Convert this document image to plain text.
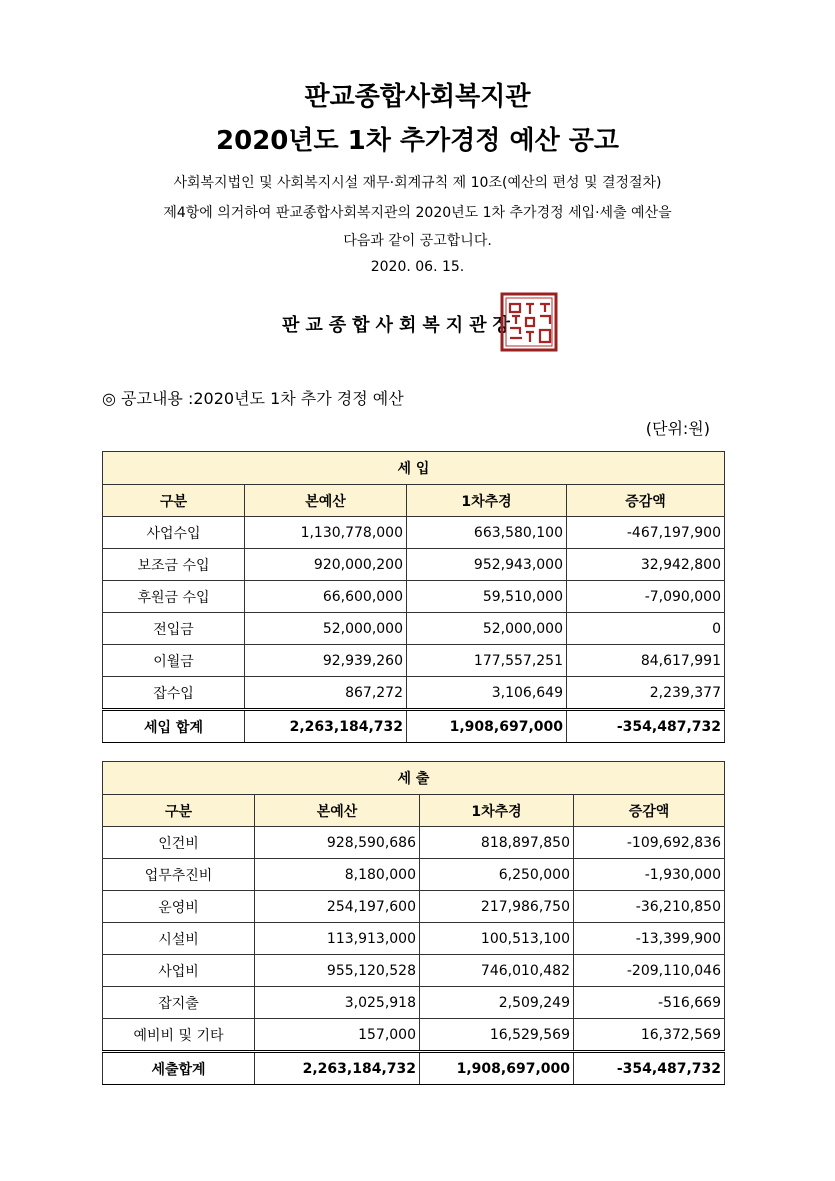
판교종합사회복지관
2020년도 1차 추가경정 예산 공고
사회복지법인 및 사회복지시설 재무·회계규칙 제 10조(예산의 편성 및 결정절차)
제4항에 의거하여 판교종합사회복지관의 2020년도 1차 추가경정 세입·세출 예산을
다음과 같이 공고합니다.
2020. 06. 15.
판교종합사회복지관장
◎ 공고내용 :2020년도 1차 추가 경정 예산
(단위:원)
세 입			
구분	본예산	1차추경	증감액
사업수입	1,130,778,000	663,580,100	-467,197,900
보조금 수입	920,000,200	952,943,000	32,942,800
후원금 수입	66,600,000	59,510,000	-7,090,000
전입금	52,000,000	52,000,000	0
이월금	92,939,260	177,557,251	84,617,991
잡수입	867,272	3,106,649	2,239,377
세입 합계	2,263,184,732	1,908,697,000	-354,487,732
세 출			
구분	본예산	1차추경	증감액
인건비	928,590,686	818,897,850	-109,692,836
업무추진비	8,180,000	6,250,000	-1,930,000
운영비	254,197,600	217,986,750	-36,210,850
시설비	113,913,000	100,513,100	-13,399,900
사업비	955,120,528	746,010,482	-209,110,046
잡지출	3,025,918	2,509,249	-516,669
예비비 및 기타	157,000	16,529,569	16,372,569
세출합계	2,263,184,732	1,908,697,000	-354,487,732
